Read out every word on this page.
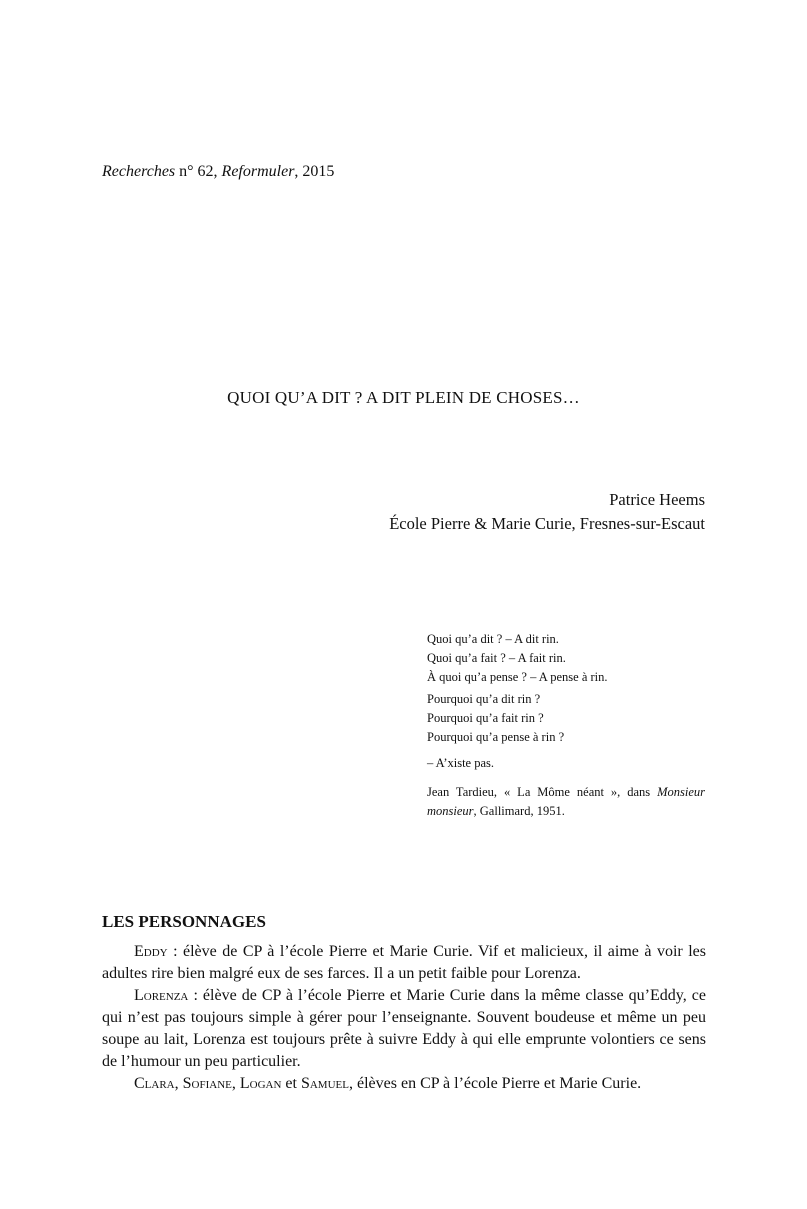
Recherches n° 62, Reformuler, 2015
QUOI QU’A DIT ? A DIT PLEIN DE CHOSES…
Patrice Heems
École Pierre & Marie Curie, Fresnes-sur-Escaut
Quoi qu’a dit ? – A dit rin.
Quoi qu’a fait ? – A fait rin.
À quoi qu’a pense ? – A pense à rin.
Pourquoi qu’a dit rin ?
Pourquoi qu’a fait rin ?
Pourquoi qu’a pense à rin ?
– A’xiste pas.
Jean Tardieu, « La Môme néant », dans Monsieur monsieur, Gallimard, 1951.
LES PERSONNAGES

Eddy : élève de CP à l’école Pierre et Marie Curie. Vif et malicieux, il aime à voir les adultes rire bien malgré eux de ses farces. Il a un petit faible pour Lorenza.

Lorenza : élève de CP à l’école Pierre et Marie Curie dans la même classe qu’Eddy, ce qui n’est pas toujours simple à gérer pour l’enseignante. Souvent boudeuse et même un peu soupe au lait, Lorenza est toujours prête à suivre Eddy à qui elle emprunte volontiers ce sens de l’humour un peu particulier.

Clara, Sofiane, Logan et Samuel, élèves en CP à l’école Pierre et Marie Curie.
